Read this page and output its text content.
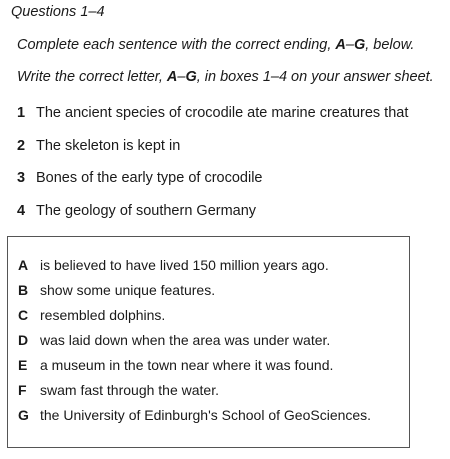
Questions 1–4
Complete each sentence with the correct ending, A–G, below.
Write the correct letter, A–G, in boxes 1–4 on your answer sheet.
1 The ancient species of crocodile ate marine creatures that
2 The skeleton is kept in
3 Bones of the early type of crocodile
4 The geology of southern Germany
A is believed to have lived 150 million years ago.
B show some unique features.
C resembled dolphins.
D was laid down when the area was under water.
E a museum in the town near where it was found.
F swam fast through the water.
G the University of Edinburgh's School of GeoSciences.
